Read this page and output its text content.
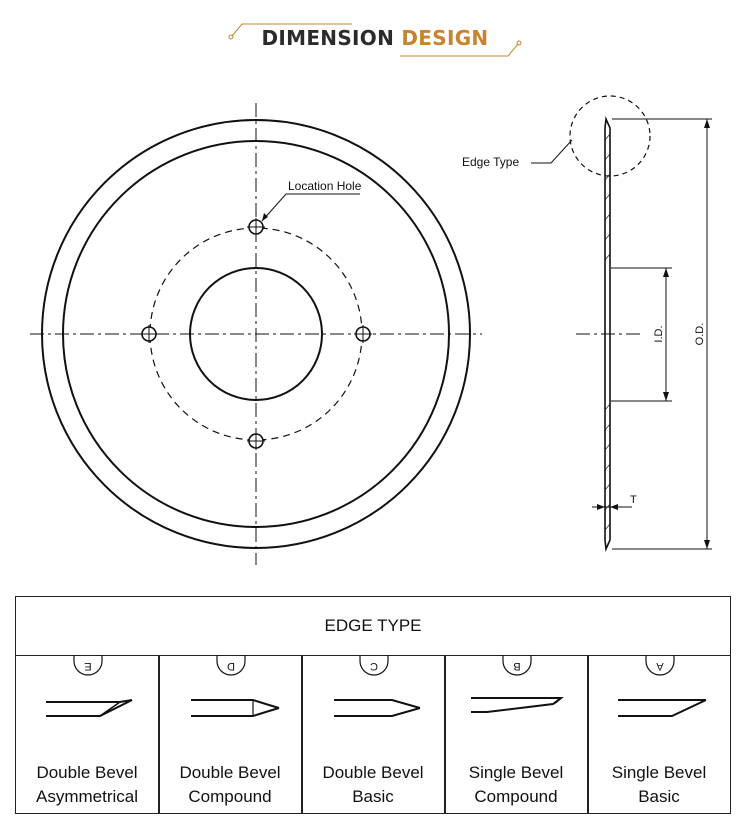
DIMENSION DESIGN
Location Hole
Edge Type
I.D.	O.D.
T
EDGE TYPE
E
Double Bevel
Asymmetrical
D
Double Bevel
Compound
C
Double Bevel
Basic
B
Single Bevel
Compound
A
Single Bevel
Basic
